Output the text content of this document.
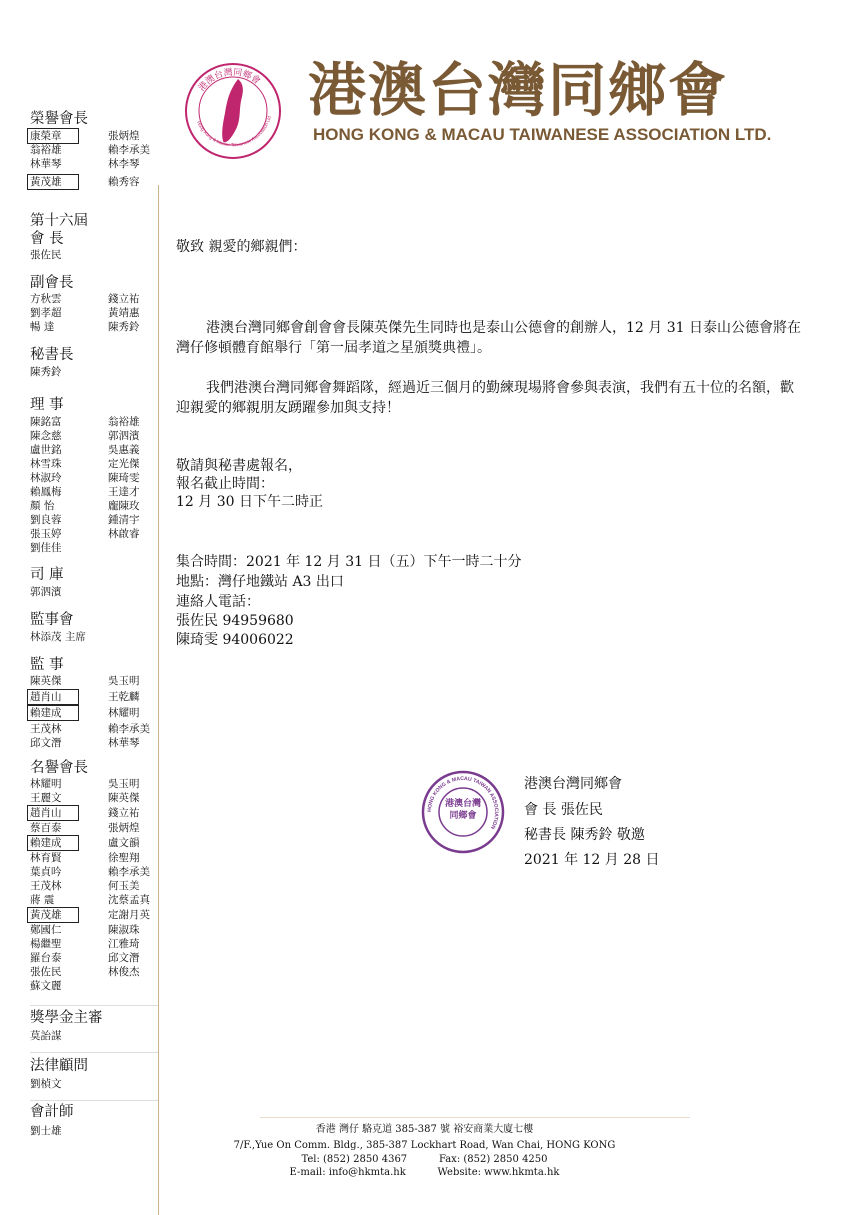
港澳台灣同鄉會
Hong Kong & Macau Taiwanese Association Ltd 港澳台灣同鄉會
HONG KONG & MACAU TAIWANESE ASSOCIATION LTD.
榮譽會長
康榮章	張炳煌
翁裕雄	賴李承美
林華琴	林李琴
黃茂雄	賴秀容
第十六屆
會 長
張佐民
副會長
方秋雲	錢立祐
劉孝超	黃靖惠
暢 達	陳秀鈴
秘書長
陳秀鈴
理 事
陳銘富	翁裕雄
陳念慈	郭泗濱
盧世銘	吳惠義
林雪珠	定光傑
林淑玲	陳琦雯
賴鳳梅	王達才
顏 怡	龐陳玫
劉良蓉	鍾清宇
張玉婷	林啟睿
劉佳佳
司 庫
郭泗濱
監事會
林添茂 主席
監 事
陳英傑	吳玉明
趙肖山	王乾麟
賴建成	林耀明
王茂林	賴李承美
邱文潛	林華琴
名譽會長
林耀明	吳玉明
王麗文	陳英傑
趙肖山	錢立祐
蔡百泰	張炳煌
賴建成	盧文韻
林育賢	徐聖翔
葉貞吟	賴李承美
王茂林	何玉美
蔣 震	沈蔡孟真
黃茂雄	定謝月英
鄭國仁	陳淑珠
楊繼聖	江雅琦
羅台泰	邱文潛
張佐民	林俊杰
蘇文麗
獎學金主審
莫詒謀
法律顧問
劉楨文
會計師
劉士雄
敬致 親愛的鄉親們：
港澳台灣同鄉會創會會長陳英傑先生同時也是泰山公德會的創辦人，12 月 31 日泰山公德會將在灣仔修頓體育館舉行「第一屆孝道之星頒獎典禮」。
我們港澳台灣同鄉會舞蹈隊，經過近三個月的勤練現場將會參與表演，我們有五十位的名額，歡迎親愛的鄉親朋友踴躍參加與支持！
敬請與秘書處報名，
報名截止時間：
12 月 30 日下午二時正
集合時間：2021 年 12 月 31 日（五）下午一時二十分
地點：灣仔地鐵站 A3 出口
連絡人電話：
張佐民 94959680
陳琦雯 94006022
HONG KONG & MACAU TAIWAN ASSOCIATION
港澳台灣同鄉會
港澳台灣同鄉會
會 長 張佐民
秘書長 陳秀鈴 敬邀
2021 年 12 月 28 日
香港 灣仔 駱克道 385-387 號 裕安商業大廈七樓
7/F.,Yue On Comm. Bldg., 385-387 Lockhart Road, Wan Chai, HONG KONG
Tel: (852) 2850 4367          Fax: (852) 2850 4250
E-mail: info@hkmta.hk          Website: www.hkmta.hk
